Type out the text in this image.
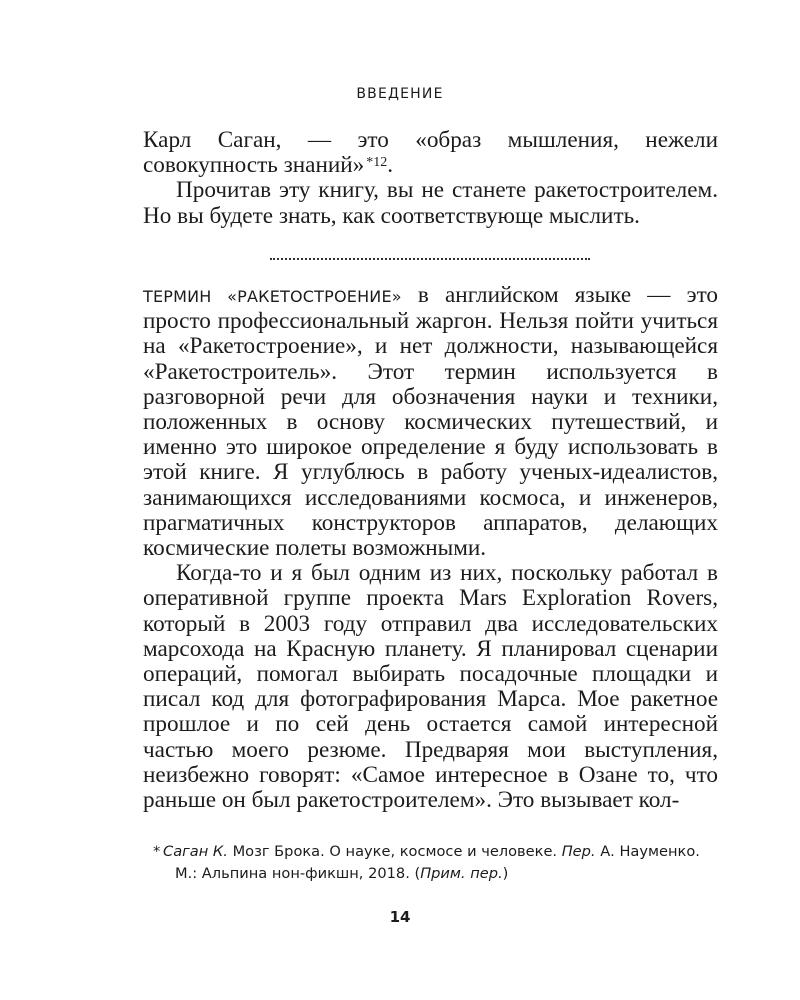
ВВЕДЕНИЕ

Карл Саган, — это «образ мышления, нежели совокупность знаний» $^{*12}$.

Прочитав эту книгу, вы не станете ракетостроителем. Но вы будете знать, как соответствующе мыслить.

ТЕРМИН «РАКЕТОСТРОЕНИЕ» в английском языке — это просто профессиональный жаргон. Нельзя пойти учиться на «Ракетостроение», и нет должности, называющейся «Ракетостроитель». Этот термин используется в разговорной речи для обозначения науки и техники, положенных в основу космических путешествий, и именно это широкое определение я буду использовать в этой книге. Я углублюсь в работу ученых-идеалистов, занимающихся исследованиями космоса, и инженеров, прагматичных конструкторов аппаратов, делающих космические полеты возможными.

Когда-то и я был одним из них, поскольку работал в оперативной группе проекта Mars Exploration Rovers, который в 2003 году отправил два исследовательских марсохода на Красную планету. Я планировал сценарии операций, помогал выбирать посадочные площадки и писал код для фотографирования Марса. Мое ракетное прошлое и по сей день остается самой интересной частью моего резюме. Предваряя мои выступления, неизбежно говорят: «Самое интересное в Озане то, что раньше он был ракетостроителем». Это вызывает кол-

* Саган К. Мозг Брока. О науке, космосе и человеке. Пер. А. Науменко.
М.: Альпина нон-фикшн, 2018. (Прим. пер.)
14
